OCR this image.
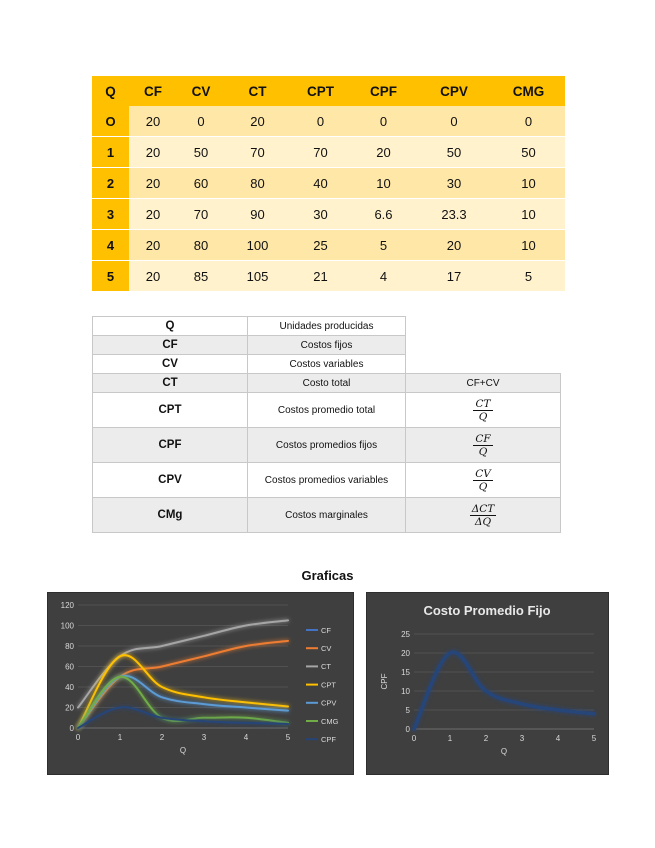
Q	CF	CV	CT	CPT	CPF	CPV	CMG
O	20	0	20	0	0	0	0
1	20	50	70	70	20	50	50
2	20	60	80	40	10	30	10
3	20	70	90	30	6.6	23.3	10
4	20	80	100	25	5	20	10
5	20	85	105	21	4	17	5
Q	Unidades producidas	
CF	Costos fijos	
CV	Costos variables	
CT	Costo total	CF+CV
CPT	Costos promedio total	$\frac{CT}{Q}$

CPF	Costos promedios fijos	$\frac{CF}{Q}$

CPV	Costos promedios variables	$\frac{CV}{Q}$

CMg	Costos marginales	$\frac{\text{ΔCT}}{\Delta Q}$
Graficas
0
20
40
60
80
100
120
0	1	2	3	4	5
Q
CF
CV
CT
CPT
CPV
CMG
CPF
0
5
10
15
20
25
0	1	2	3	4	5
Q
CPF
Costo Promedio Fijo
